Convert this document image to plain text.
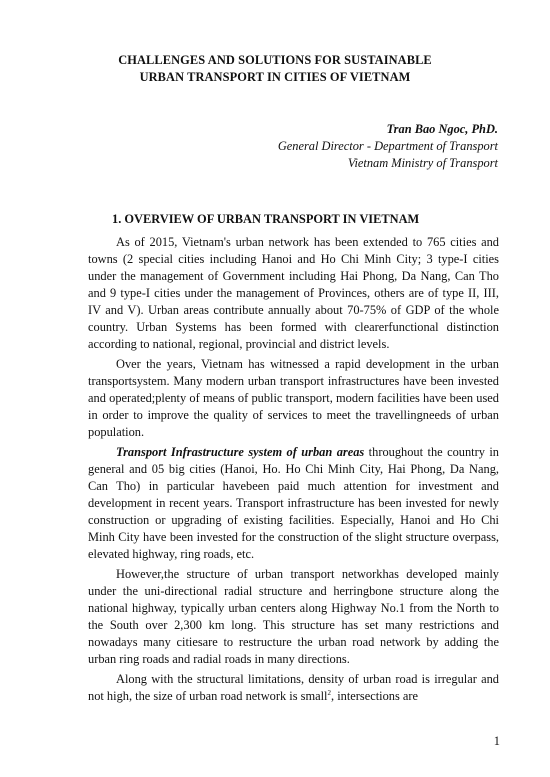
CHALLENGES AND SOLUTIONS FOR SUSTAINABLE
URBAN TRANSPORT IN CITIES OF VIETNAM
Tran Bao Ngoc, PhD.
General Director - Department of Transport
Vietnam Ministry of Transport
1. OVERVIEW OF URBAN TRANSPORT IN VIETNAM

As of 2015, Vietnam's urban network has been extended to 765 cities and towns (2 special cities including Hanoi and Ho Chi Minh City; 3 type-I cities under the management of Government including Hai Phong, Da Nang, Can Tho and 9 type-I cities under the management of Provinces, others are of type II, III, IV and V). Urban areas contribute annually about 70-75% of GDP of the whole country. Urban Systems has been formed with clearerfunctional distinction according to national, regional, provincial and district levels.

Over the years, Vietnam has witnessed a rapid development in the urban transportsystem. Many modern urban transport infrastructures have been invested and operated;plenty of means of public transport, modern facilities have been used in order to improve the quality of services to meet the travellingneeds of urban population.

Transport Infrastructure system of urban areas throughout the country in general and 05 big cities (Hanoi, Ho. Ho Chi Minh City, Hai Phong, Da Nang, Can Tho) in particular havebeen paid much attention for investment and development in recent years. Transport infrastructure has been invested for newly construction or upgrading of existing facilities. Especially, Hanoi and Ho Chi Minh City have been invested for the construction of the slight structure overpass, elevated highway, ring roads, etc.

However,the structure of urban transport networkhas developed mainly under the uni-directional radial structure and herringbone structure along the national highway, typically urban centers along Highway No.1 from the North to the South over 2,300 km long. This structure has set many restrictions and nowadays many citiesare to restructure the urban road network by adding the urban ring roads and radial roads in many directions.

Along with the structural limitations, density of urban road is irregular and not high, the size of urban road network is small$^2$, intersections are

1
